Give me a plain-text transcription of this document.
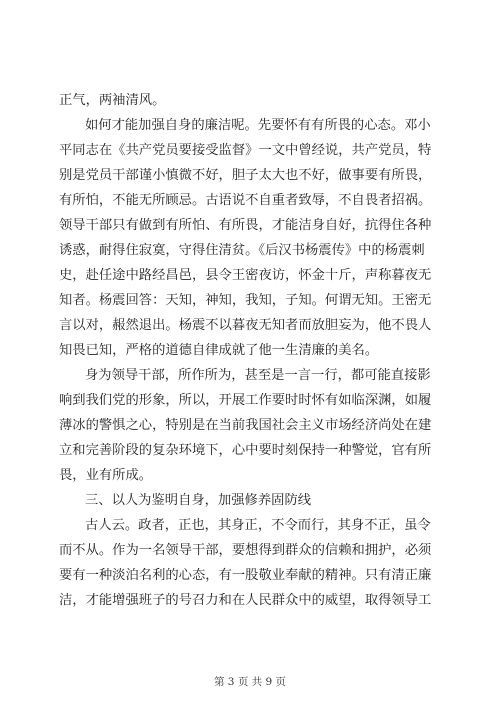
正气，两袖清风。
如何才能加强自身的廉洁呢。先要怀有有所畏的心态。邓小
平同志在《共产党员要接受监督》一文中曾经说，共产党员，特
别是党员干部谨小慎微不好，胆子太大也不好，做事要有所畏，
有所怕，不能无所顾忌。古语说不自重者致辱，不自畏者招祸。
领导干部只有做到有所怕、有所畏，才能洁身自好，抗得住各种
诱惑，耐得住寂寞，守得住清贫。《后汉书杨震传》中的杨震刺
史，赴任途中路经昌邑，县令王密夜访，怀金十斤，声称暮夜无
知者。杨震回答：天知，神知，我知，子知。何谓无知。王密无
言以对，赧然退出。杨震不以暮夜无知者而放胆妄为，他不畏人
知畏已知，严格的道德自律成就了他一生清廉的美名。
身为领导干部，所作所为，甚至是一言一行，都可能直接影
响到我们党的形象，所以，开展工作要时时怀有如临深渊，如履
薄冰的警惧之心，特别是在当前我国社会主义市场经济尚处在建
立和完善阶段的复杂环境下，心中要时刻保持一种警觉，官有所
畏，业有所成。
三、以人为鉴明自身，加强修养固防线
古人云。政者，正也，其身正，不令而行，其身不正，虽令
而不从。作为一名领导干部，要想得到群众的信赖和拥护，必须
要有一种淡泊名利的心态，有一股敬业奉献的精神。只有清正廉
洁，才能增强班子的号召力和在人民群众中的威望，取得领导工
第 3 页 共 9 页
